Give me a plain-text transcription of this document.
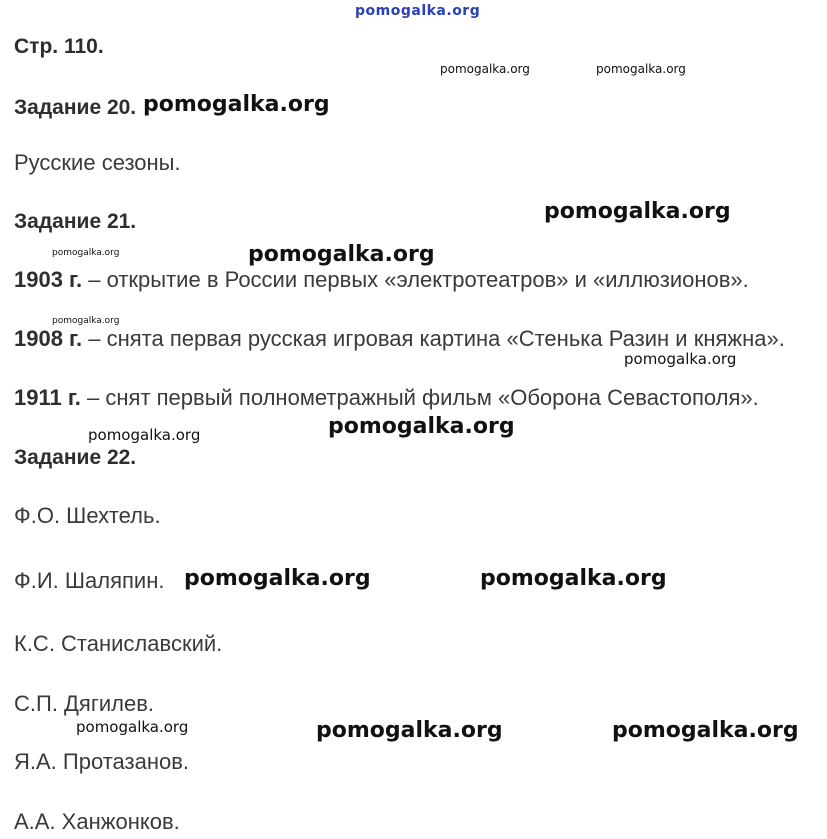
pomogalka.org
Стр. 110.
Задание 20.
Русские сезоны.
Задание 21.
1903 г. – открытие в России первых «электротеатров» и «иллюзионов».
1908 г. – снята первая русская игровая картина «Стенька Разин и княжна».
1911 г. – снят первый полнометражный фильм «Оборона Севастополя».
Задание 22.
Ф.О. Шехтель.
Ф.И. Шаляпин.
К.С. Станиславский.
С.П. Дягилев.
Я.А. Протазанов.
А.А. Ханжонков.
pomogalka.org	pomogalka.org
pomogalka.org
pomogalka.org
pomogalka.org	pomogalka.org
pomogalka.org
pomogalka.org
pomogalka.org	pomogalka.org
pomogalka.org	pomogalka.org
pomogalka.org	pomogalka.org	pomogalka.org
